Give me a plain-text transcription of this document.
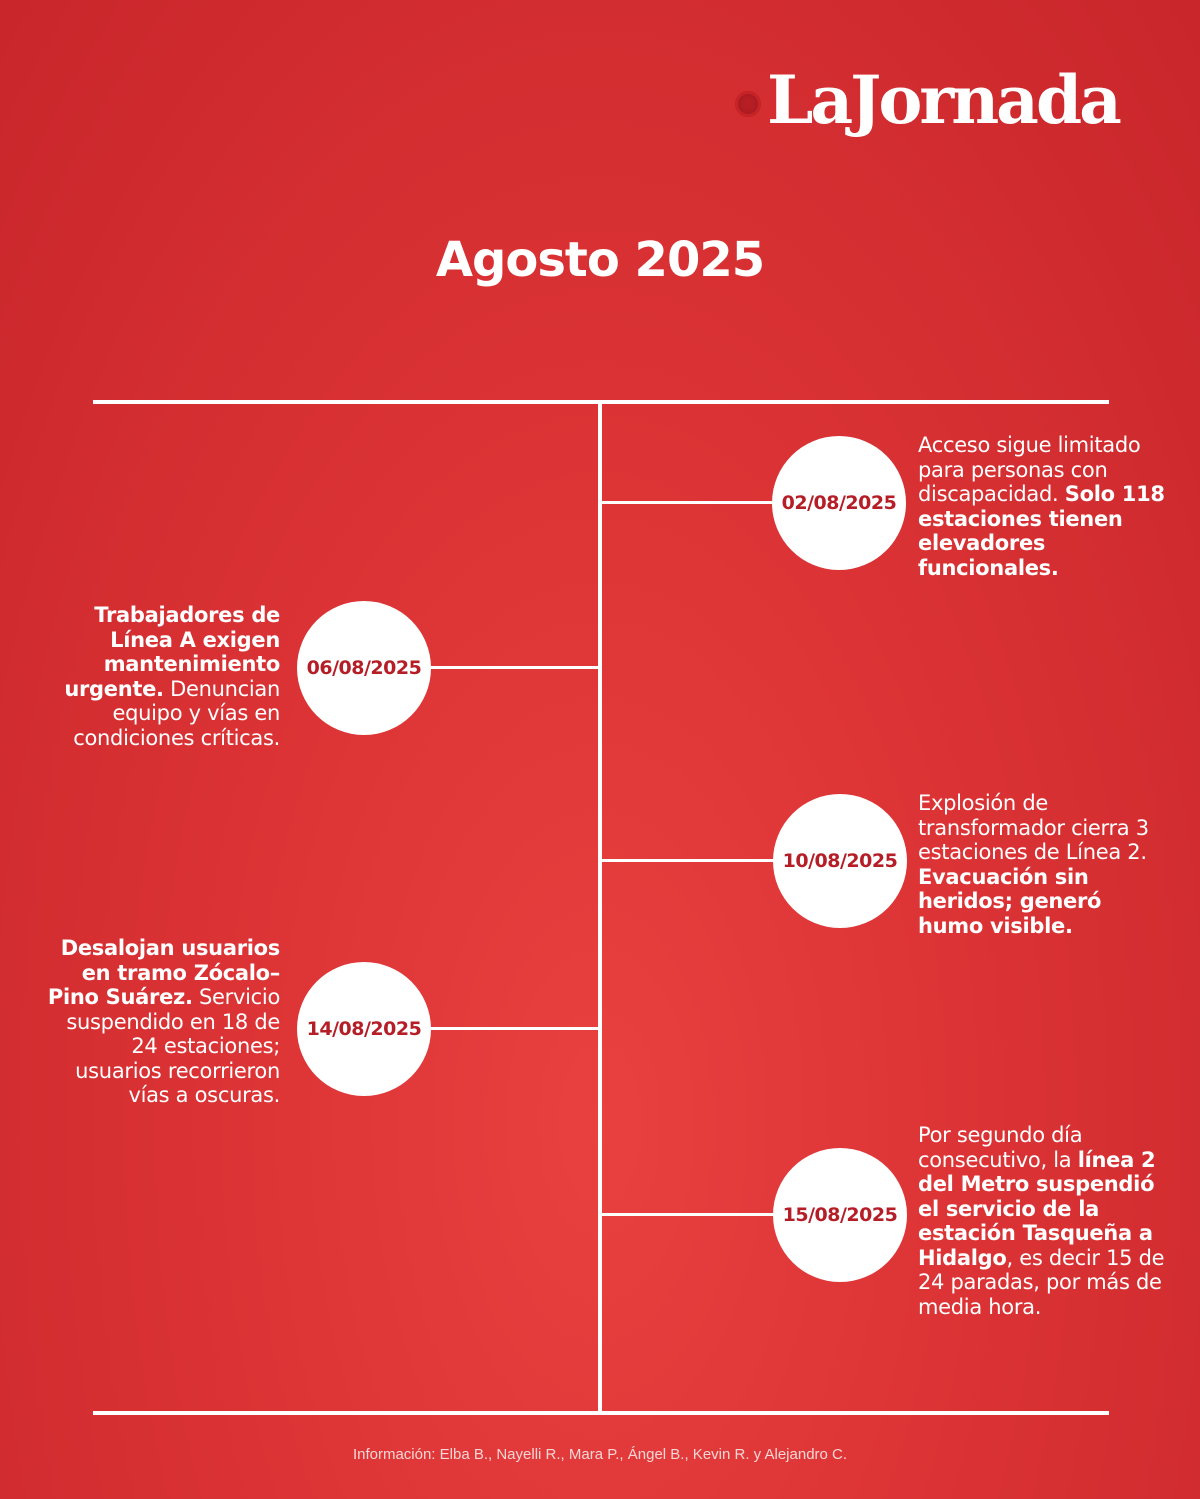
LaJornada
Agosto 2025
02/08/2025
Acceso sigue limitado para personas con discapacidad. Solo 118 estaciones tienen elevadores funcionales.
06/08/2025
Trabajadores de Línea A exigen mantenimiento urgente. Denuncian equipo y vías en condiciones críticas.
10/08/2025
Explosión de transformador cierra 3 estaciones de Línea 2. Evacuación sin heridos; generó humo visible.
14/08/2025
Desalojan usuarios en tramo Zócalo–Pino Suárez. Servicio suspendido en 18 de 24 estaciones; usuarios recorrieron vías a oscuras.
15/08/2025
Por segundo día consecutivo, la línea 2 del Metro suspendió el servicio de la estación Tasqueña a Hidalgo, es decir 15 de 24 paradas, por más de media hora.
Información: Elba B., Nayelli R., Mara P., Ángel B., Kevin R. y Alejandro C.
